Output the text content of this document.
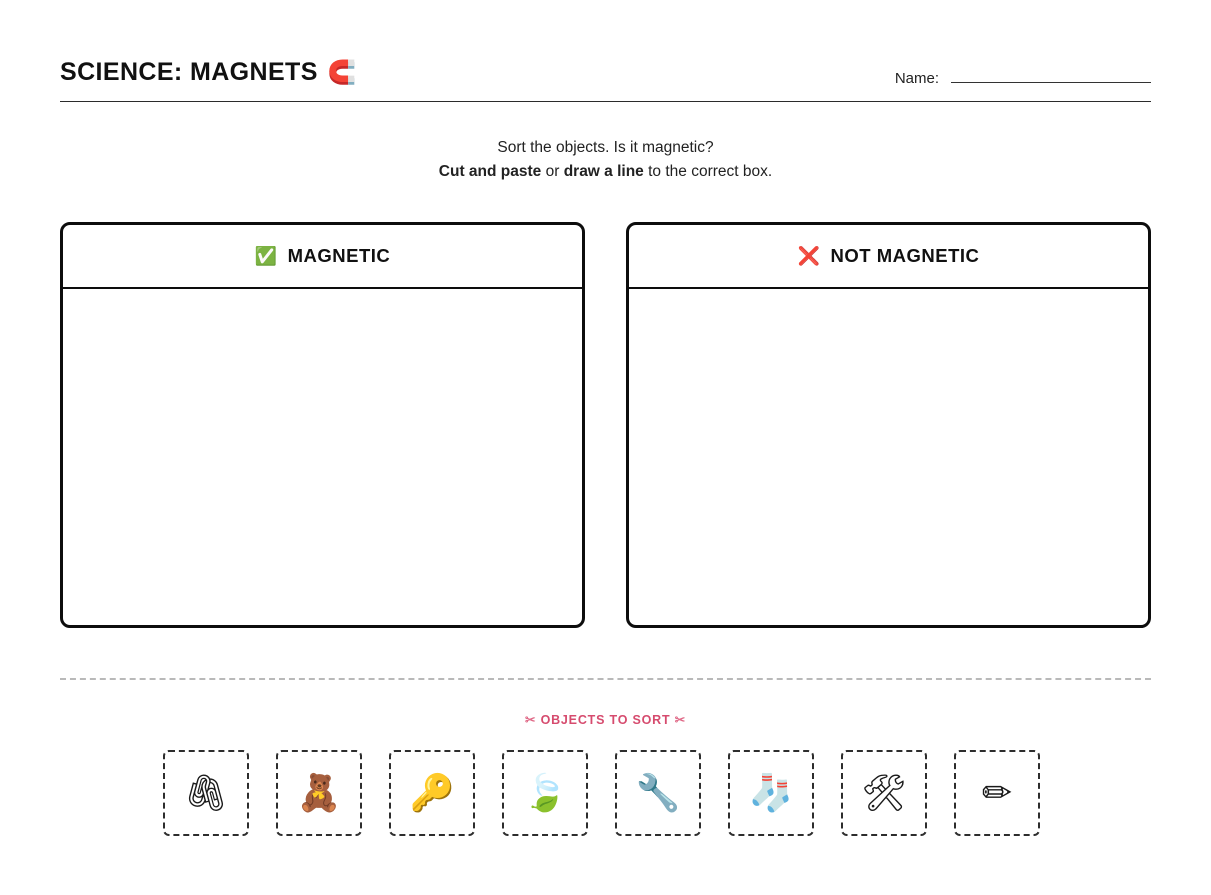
SCIENCE: MAGNETS 🧲	Name:
Sort the objects. Is it magnetic?
Cut and paste or draw a line to the correct box.
✅ MAGNETIC	❌ NOT MAGNETIC
✂ OBJECTS TO SORT ✂
🖇 🧸 🔑 🍃 🔧 🧦 🛠 ✏
